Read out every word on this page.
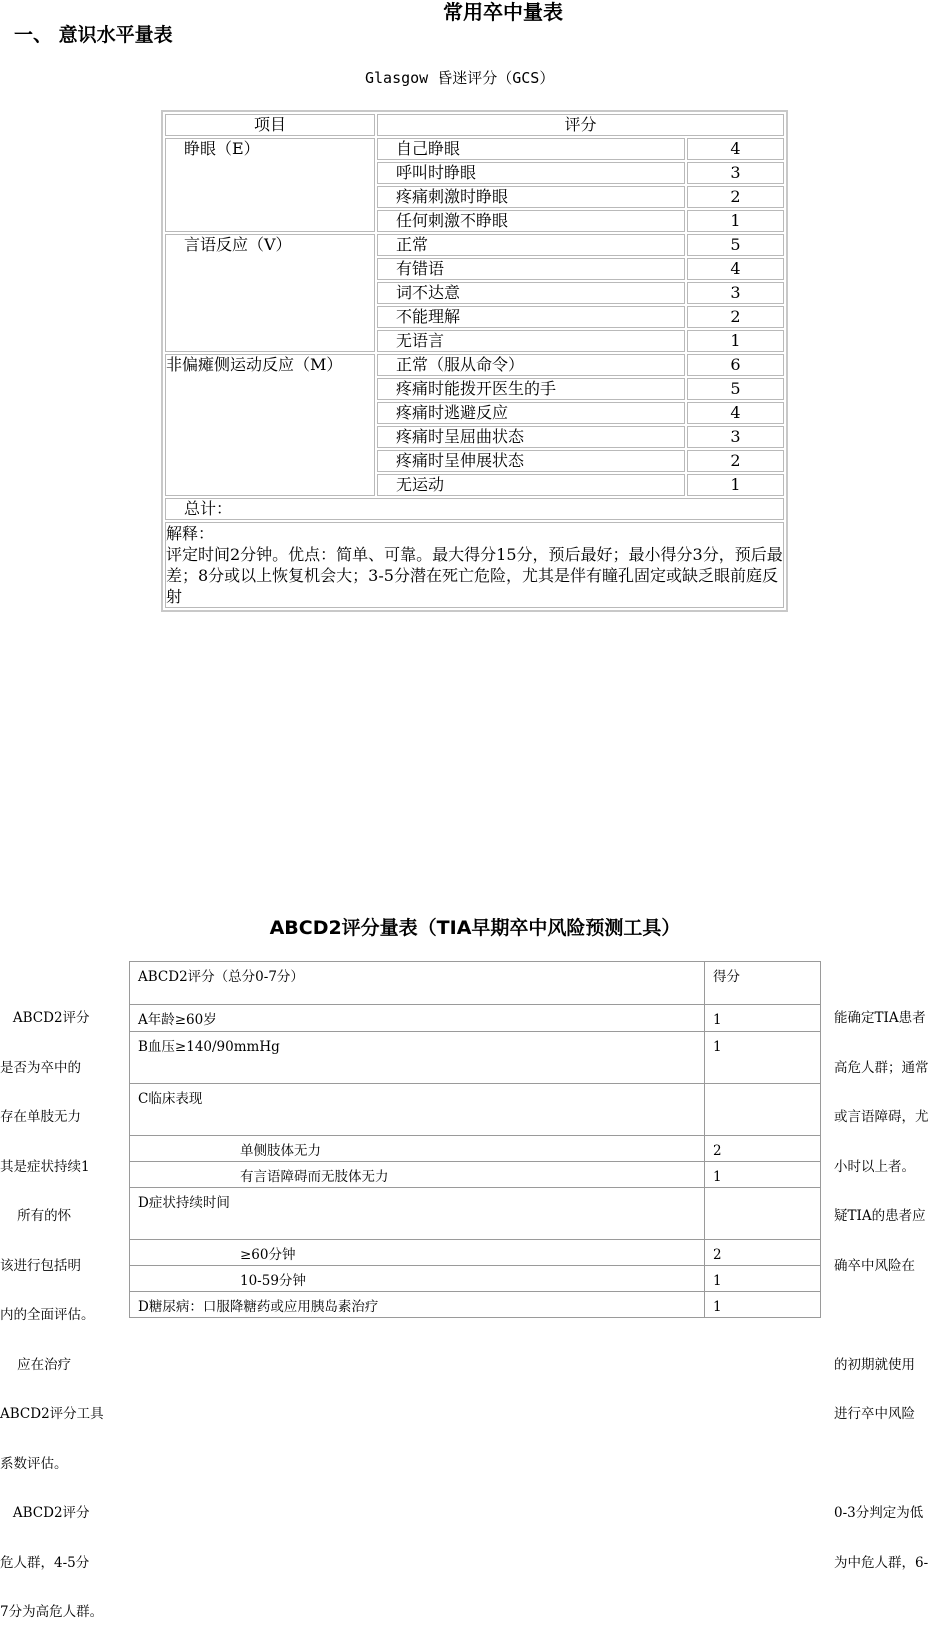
常用卒中量表
一、 意识水平量表
Glasgow 昏迷评分（GCS）
项目	评分	
睁眼（E）	自己睁眼	4
	呼叫时睁眼	3
	疼痛刺激时睁眼	2
	任何刺激不睁眼	1
言语反应（V）	正常	5
	有错语	4
	词不达意	3
	不能理解	2
	无语言	1
非偏瘫侧运动反应（M）	正常（服从命令）	6
	疼痛时能拨开医生的手	5
	疼痛时逃避反应	4
	疼痛时呈屈曲状态	3
	疼痛时呈伸展状态	2
	无运动	1
总计：		

解释：
评定时间2分钟。优点：简单、可靠。最大得分15分，预后最好；最小得分3分，预后最差；8分或以上恢复机会大；3-5分潜在死亡危险，尤其是伴有瞳孔固定或缺乏眼前庭反射		
ABCD2评分量表（TIA早期卒中风险预测工具）

ABCD2评分

是否为卒中的

存在单肢无力

其是症状持续1

所有的怀

该进行包括明

内的全面评估。

应在治疗

ABCD2评分工具

系数评估。

ABCD2评分

危人群，4-5分

7分为高危人群。

ABCD2评分（总分0-7分）	得分
A年龄≥60岁	1
B血压≥140/90mmHg	1
C临床表现	
单侧肢体无力	2
有言语障碍而无肢体无力	1
D症状持续时间	
≥60分钟	2
10-59分钟	1
D糖尿病：口服降糖药或应用胰岛素治疗	1

能确定TIA患者

高危人群；通常

或言语障碍，尤

小时以上者。

疑TIA的患者应

确卒中风险在

的初期就使用

进行卒中风险

0-3分判定为低

为中危人群，6-
